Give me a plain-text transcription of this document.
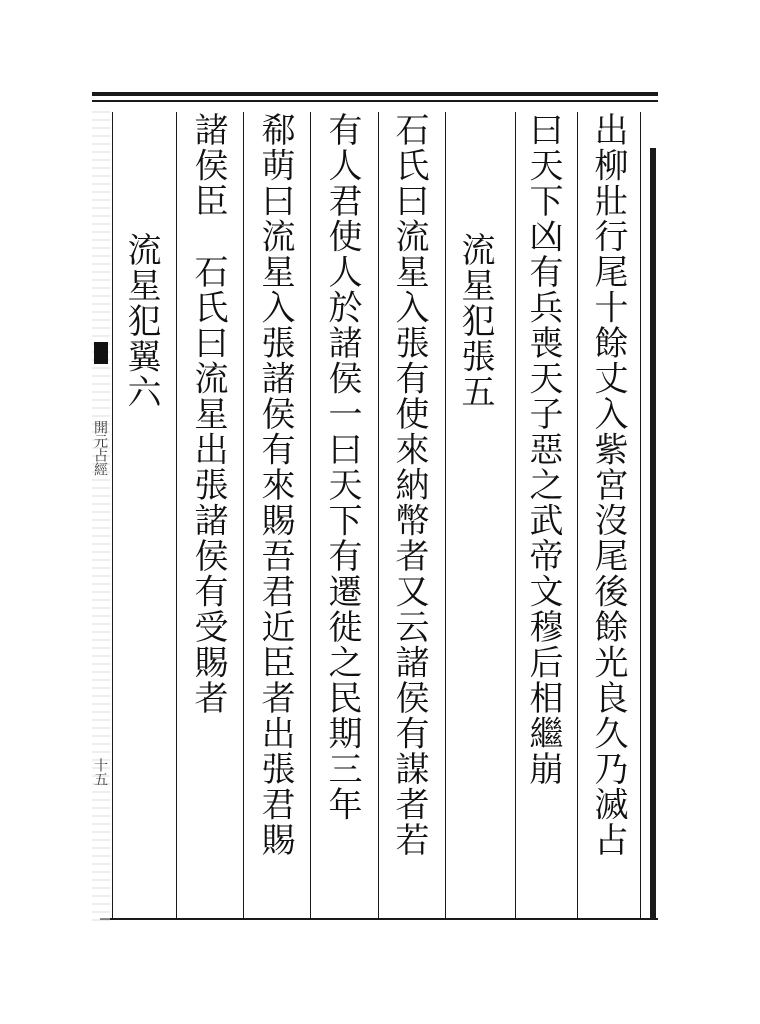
出柳壯行尾十餘丈入紫宮沒尾後餘光良久乃滅占
曰天下凶有兵喪天子惡之武帝文穆后相繼崩
流星犯張五
石氏曰流星入張有使來納幣者又云諸侯有謀者若
有人君使人於諸侯一曰天下有遷徙之民期三年
郗萌曰流星入張諸侯有來賜吾君近臣者出張君賜
諸侯臣　石氏曰流星出張諸侯有受賜者
流星犯翼六
開元占經
十五
